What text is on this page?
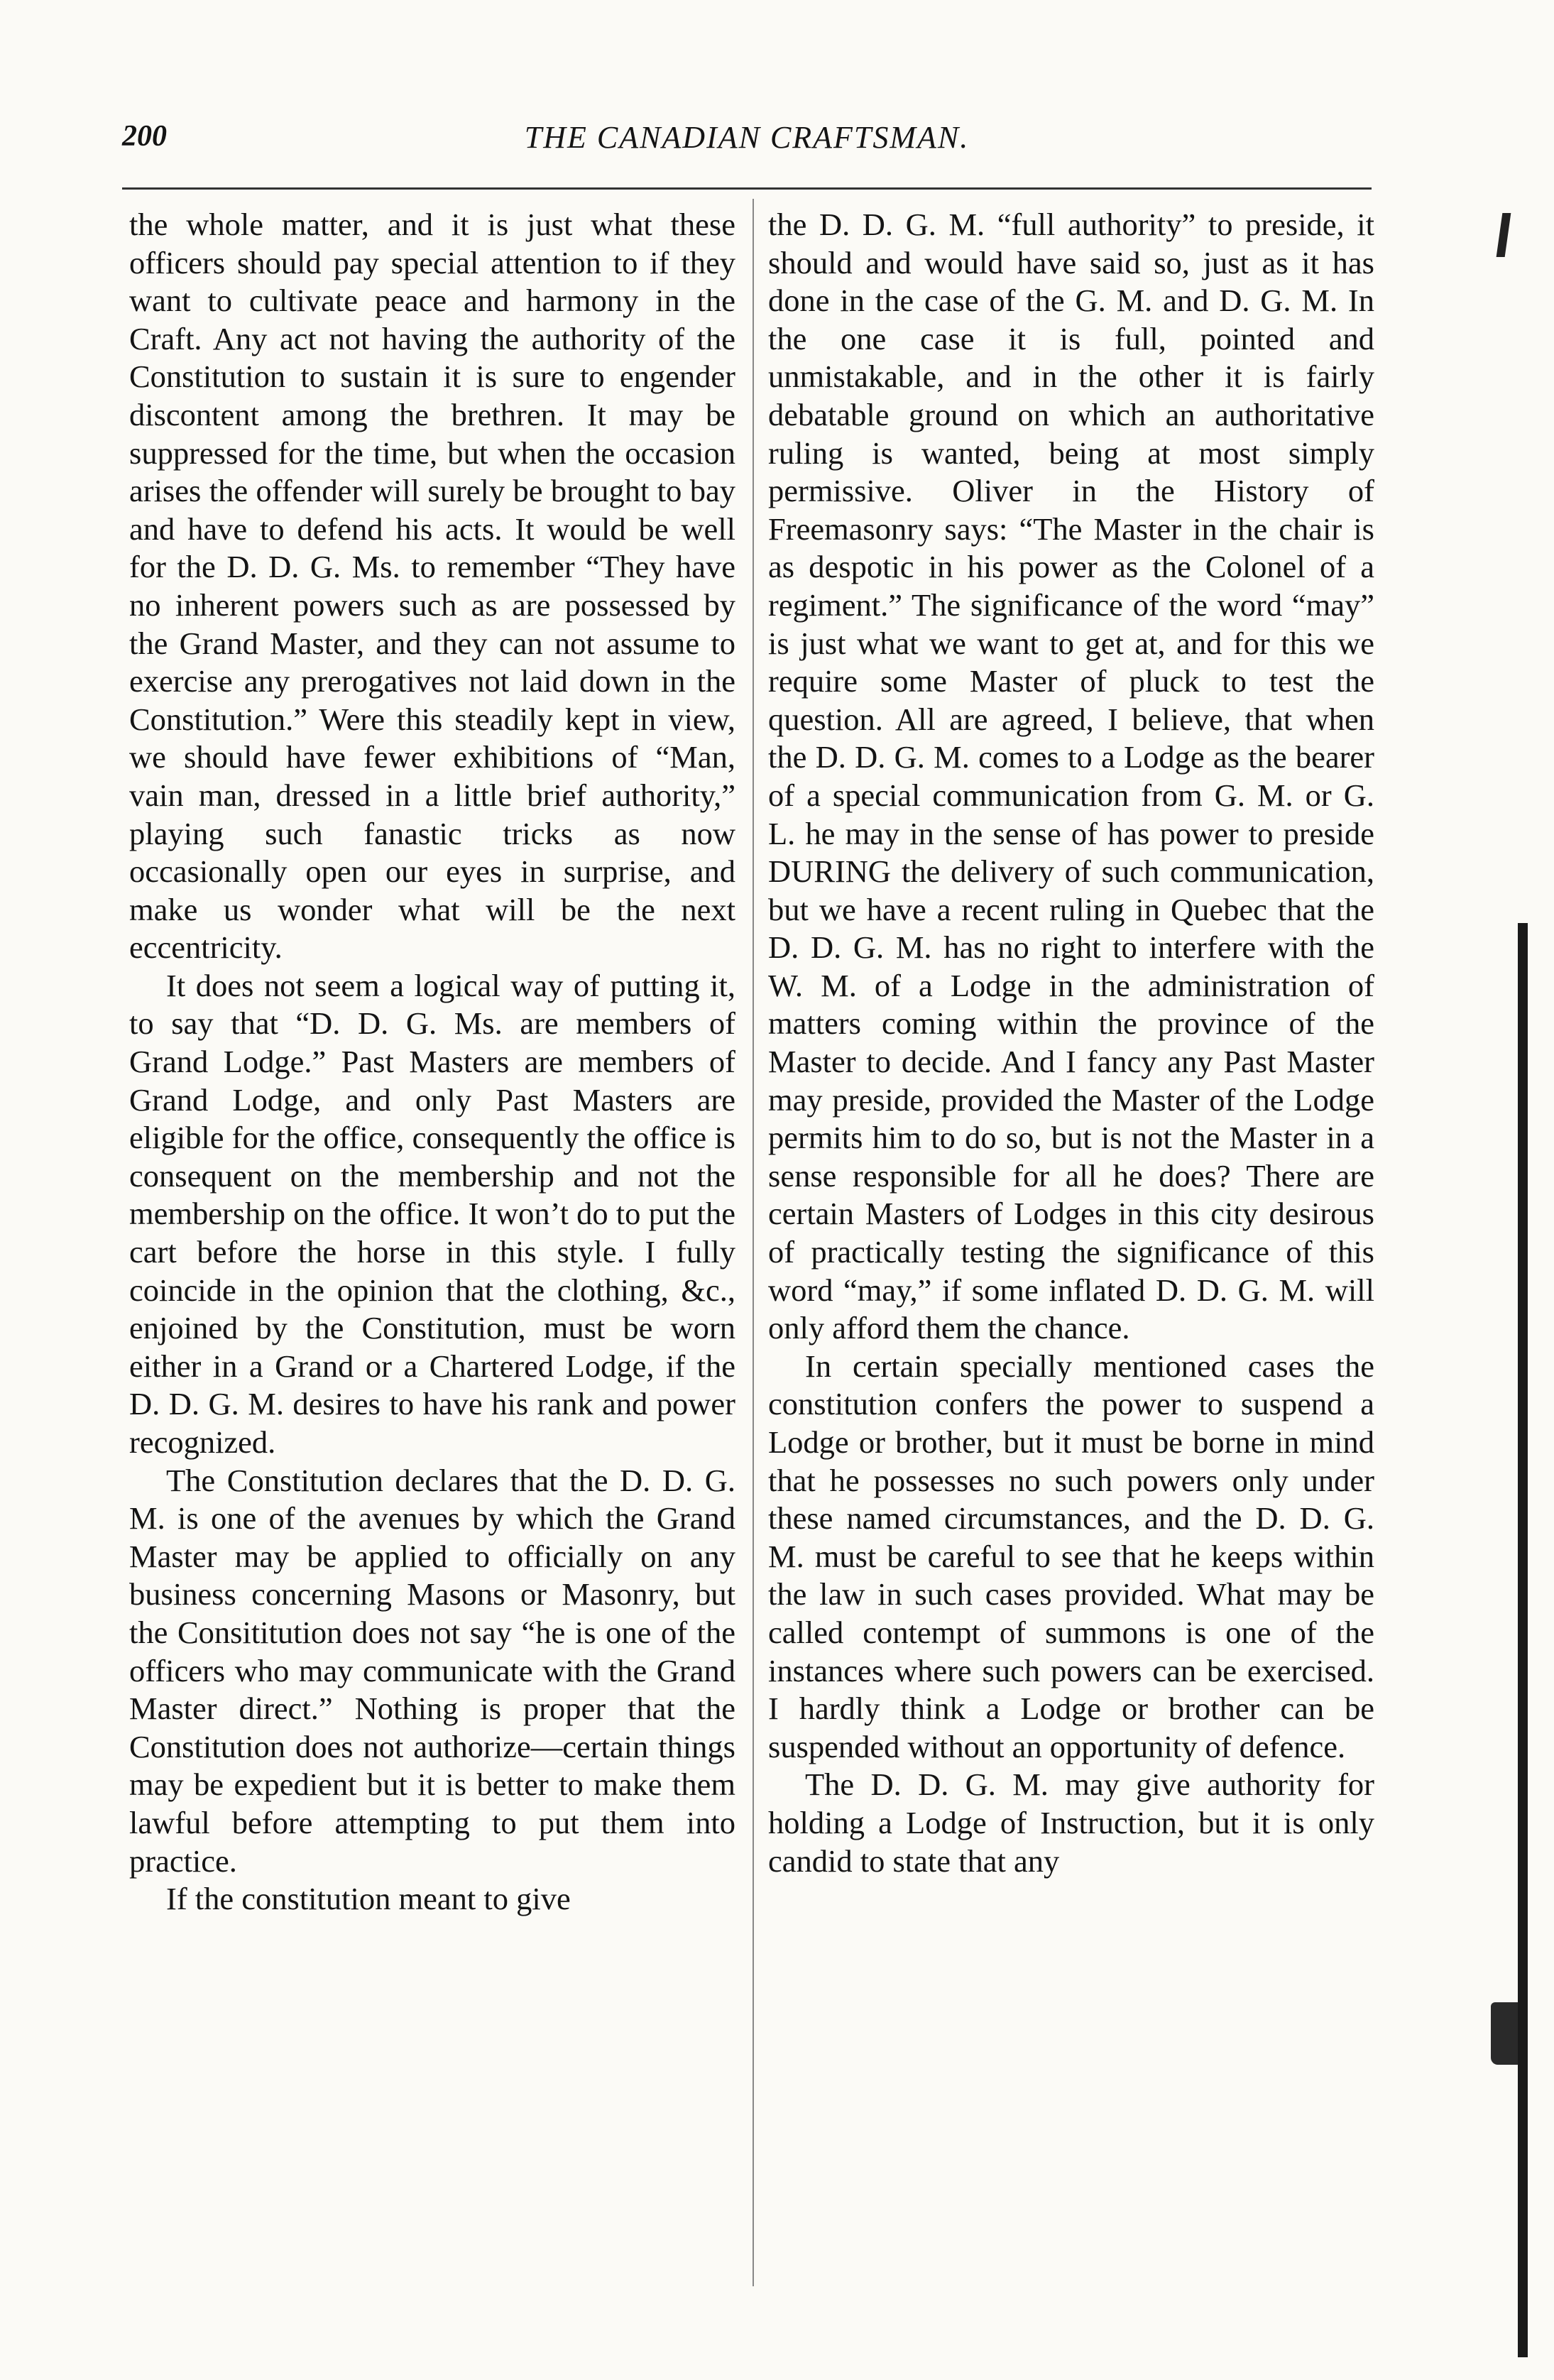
200	THE CANADIAN CRAFTSMAN.

the whole matter, and it is just what these officers should pay special attention to if they want to cultivate peace and harmony in the Craft. Any act not having the authority of the Constitution to sustain it is sure to engender discontent among the brethren. It may be suppressed for the time, but when the occasion arises the offender will surely be brought to bay and have to defend his acts. It would be well for the D. D. G. Ms. to remember “They have no inherent powers such as are possessed by the Grand Master, and they can not assume to exercise any prerogatives not laid down in the Constitution.” Were this steadily kept in view, we should have fewer exhibitions of “Man, vain man, dressed in a little brief authority,” playing such fanastic tricks as now occasionally open our eyes in surprise, and make us wonder what will be the next eccentricity.

It does not seem a logical way of putting it, to say that “D. D. G. Ms. are members of Grand Lodge.” Past Masters are members of Grand Lodge, and only Past Masters are eligible for the office, consequently the office is consequent on the membership and not the membership on the office. It won’t do to put the cart before the horse in this style. I fully coincide in the opinion that the clothing, &c., enjoined by the Constitution, must be worn either in a Grand or a Chartered Lodge, if the D. D. G. M. desires to have his rank and power recognized.

The Constitution declares that the D. D. G. M. is one of the avenues by which the Grand Master may be applied to officially on any business concerning Masons or Masonry, but the Consititution does not say “he is one of the officers who may communicate with the Grand Master direct.” Nothing is proper that the Constitution does not authorize—certain things may be expedient but it is better to make them lawful before attempting to put them into practice.

If the constitution meant to give

the D. D. G. M. “full authority” to preside, it should and would have said so, just as it has done in the case of the G. M. and D. G. M. In the one case it is full, pointed and unmistakable, and in the other it is fairly debatable ground on which an authoritative ruling is wanted, being at most simply permissive. Oliver in the History of Freemasonry says: “The Master in the chair is as despotic in his power as the Colonel of a regiment.” The significance of the word “may” is just what we want to get at, and for this we require some Master of pluck to test the question. All are agreed, I believe, that when the D. D. G. M. comes to a Lodge as the bearer of a special communication from G. M. or G. L. he may in the sense of has power to preside DURING the delivery of such communication, but we have a recent ruling in Quebec that the D. D. G. M. has no right to interfere with the W. M. of a Lodge in the administration of matters coming within the province of the Master to decide. And I fancy any Past Master may preside, provided the Master of the Lodge permits him to do so, but is not the Master in a sense responsible for all he does? There are certain Masters of Lodges in this city desirous of practically testing the significance of this word “may,” if some inflated D. D. G. M. will only afford them the chance.

In certain specially mentioned cases the constitution confers the power to suspend a Lodge or brother, but it must be borne in mind that he possesses no such powers only under these named circumstances, and the D. D. G. M. must be careful to see that he keeps within the law in such cases provided. What may be called contempt of summons is one of the instances where such powers can be exercised. I hardly think a Lodge or brother can be suspended without an opportunity of defence.

The D. D. G. M. may give authority for holding a Lodge of Instruction, but it is only candid to state that any
